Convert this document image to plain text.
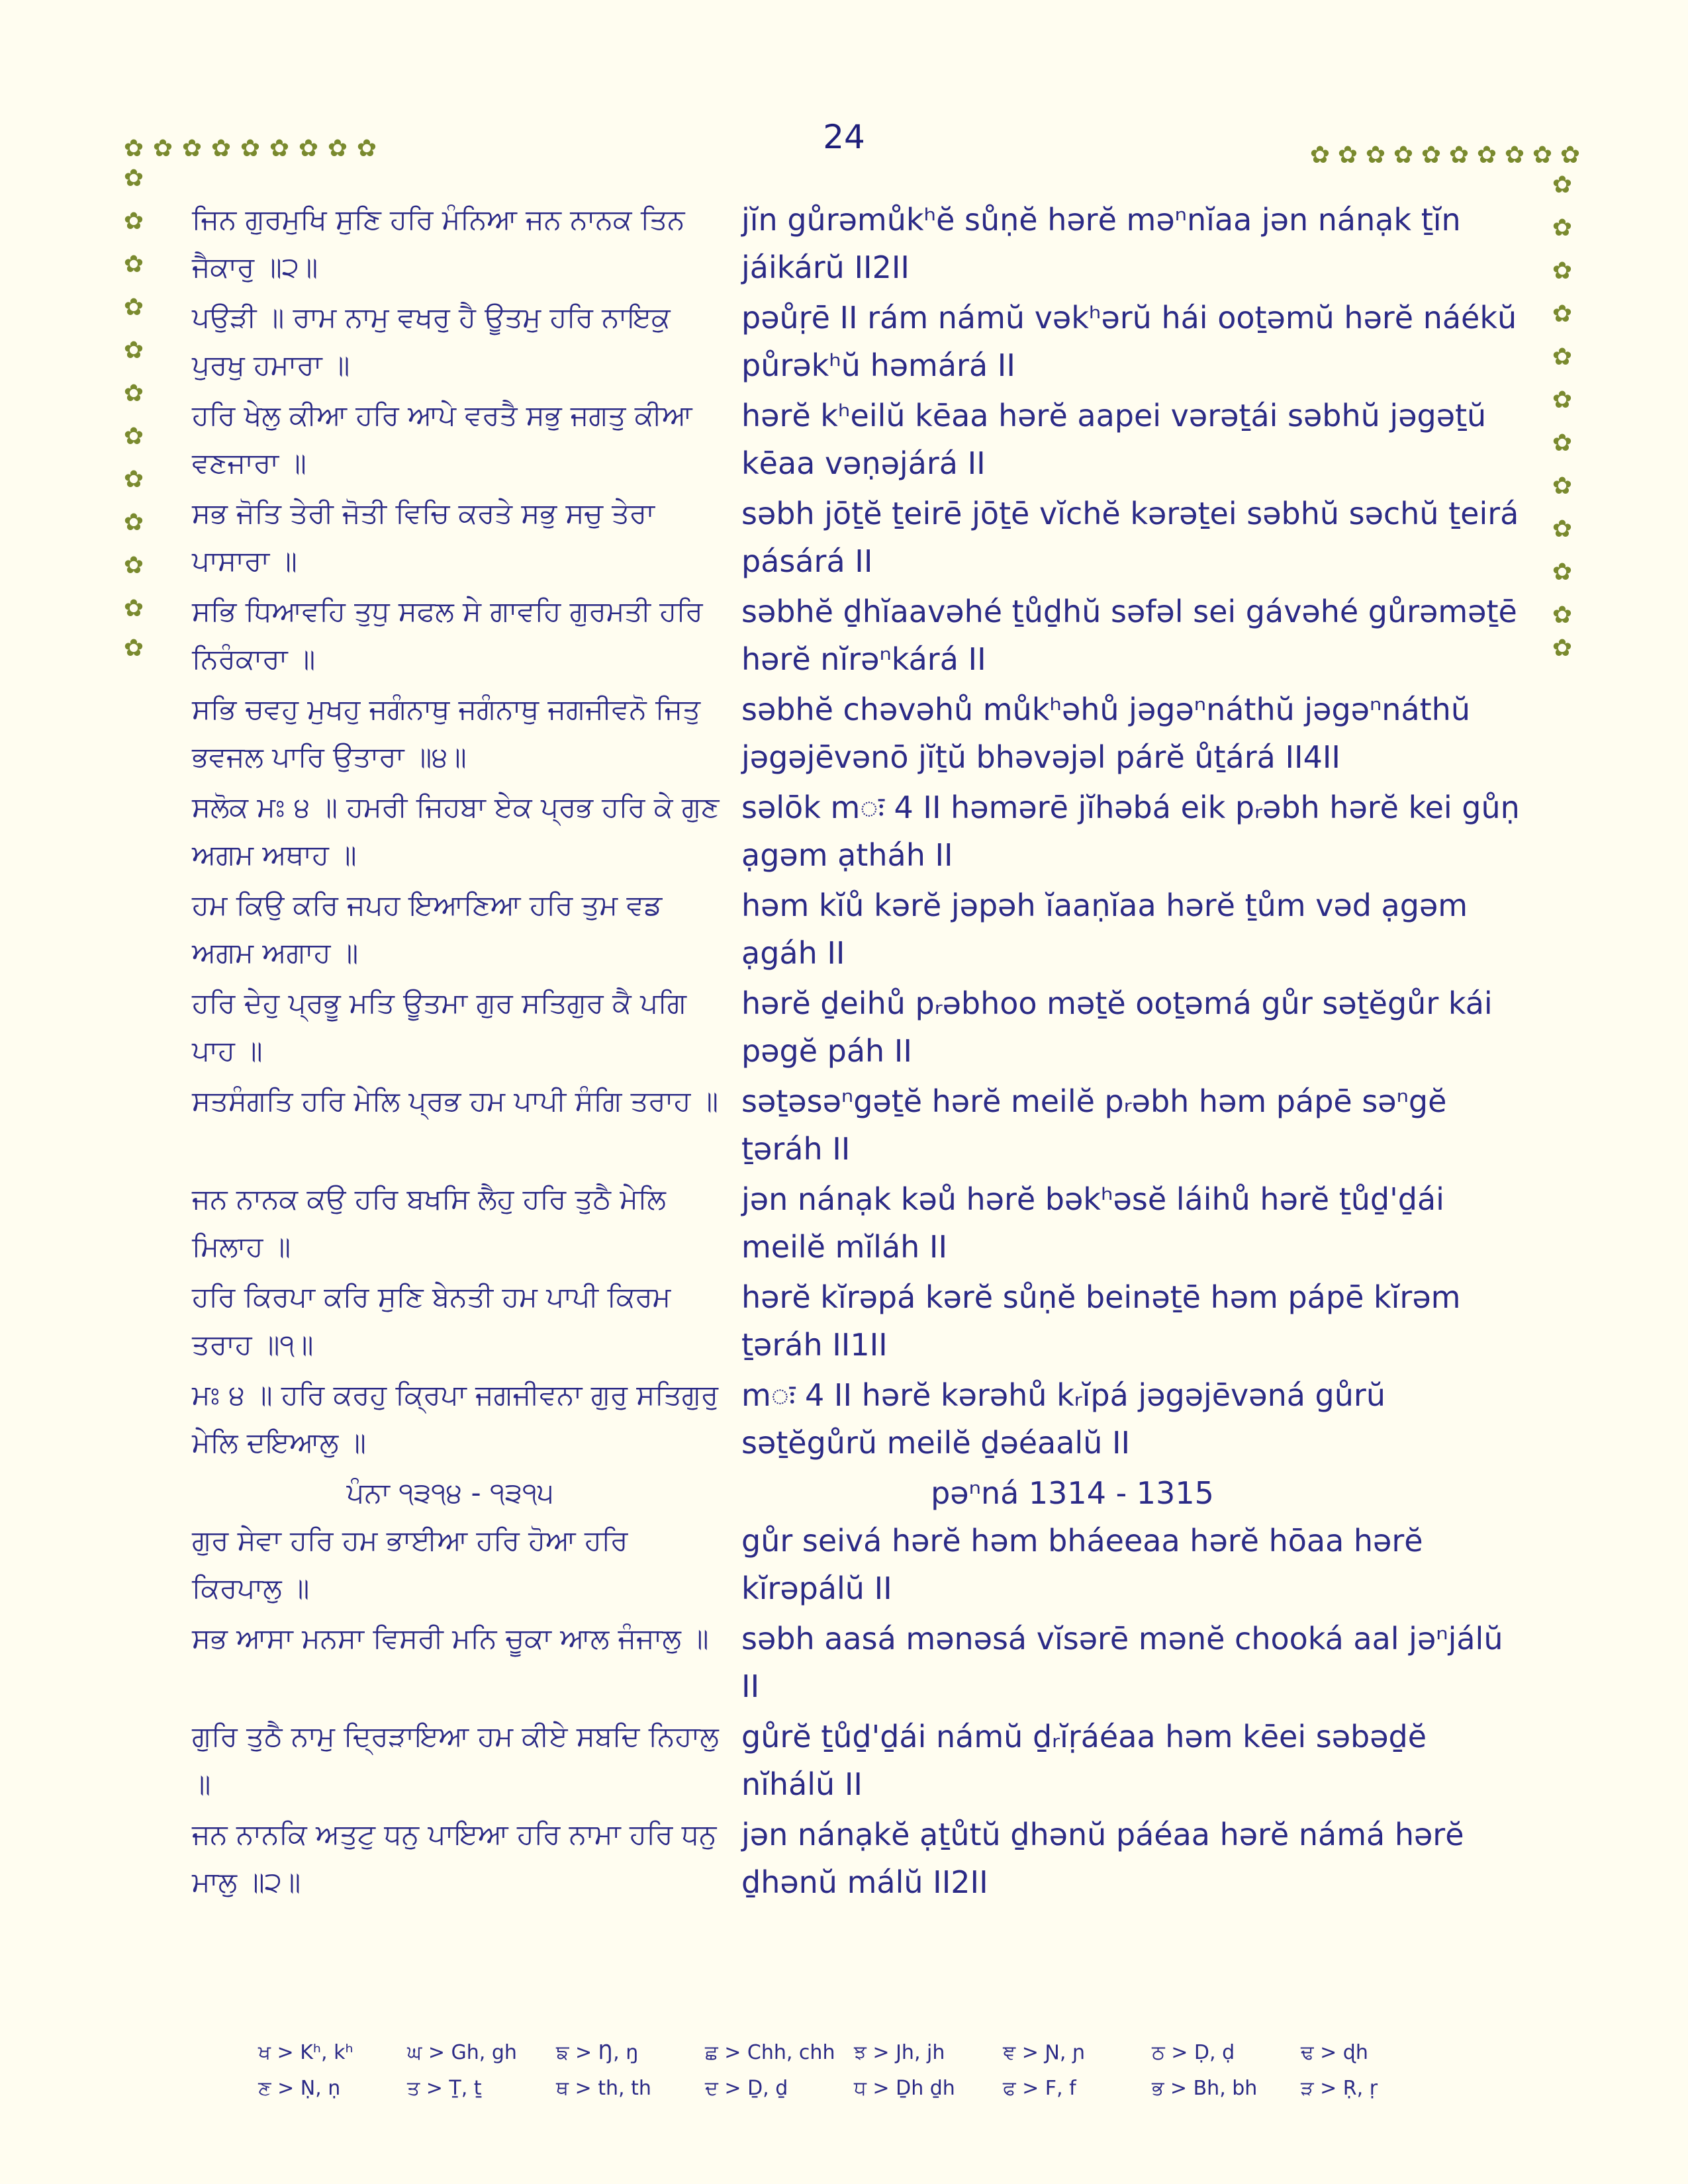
24
✿ ✿ ✿ ✿ ✿ ✿ ✿ ✿ ✿
✿
✿
✿
✿
✿
✿
✿
✿
✿
✿
✿
✿
✿ ✿ ✿ ✿ ✿ ✿ ✿ ✿ ✿ ✿
✿
✿
✿
✿
✿
✿
✿
✿
✿
✿
✿
✿
ਜਿਨ ਗੁਰਮੁਖਿ ਸੁਣਿ ਹਰਿ ਮੰਨਿਆ ਜਨ ਨਾਨਕ ਤਿਨ ਜੈਕਾਰੁ ॥੨॥
jĭn gůrəmůkʰĕ sůṇĕ hərĕ məⁿnĭaa jən nánạk ṯĭn jáikárŭ II2II
ਪਉੜੀ ॥ ਰਾਮ ਨਾਮੁ ਵਖਰੁ ਹੈ ਊਤਮੁ ਹਰਿ ਨਾਇਕੁ ਪੁਰਖੁ ਹਮਾਰਾ ॥
pəůṛē II rám námŭ vəkʰərŭ hái ooṯəmŭ hərĕ náékŭ půrəkʰŭ həmárá II
ਹਰਿ ਖੇਲੁ ਕੀਆ ਹਰਿ ਆਪੇ ਵਰਤੈ ਸਭੁ ਜਗਤੁ ਕੀਆ ਵਣਜਾਰਾ ॥
hərĕ kʰeilŭ kēaa hərĕ aapei vərəṯái səbhŭ jəgəṯŭ kēaa vəṇəjárá II
ਸਭ ਜੋਤਿ ਤੇਰੀ ਜੋਤੀ ਵਿਚਿ ਕਰਤੇ ਸਭੁ ਸਚੁ ਤੇਰਾ ਪਾਸਾਰਾ ॥
səbh jōṯĕ ṯeirē jōṯē vĭchĕ kərəṯei səbhŭ səchŭ ṯeirá pásárá II
ਸਭਿ ਧਿਆਵਹਿ ਤੁਧੁ ਸਫਲ ਸੇ ਗਾਵਹਿ ਗੁਰਮਤੀ ਹਰਿ ਨਿਰੰਕਾਰਾ ॥
səbhĕ ḏhĭaavəhé ṯůḏhŭ səfəl sei gávəhé gůrəməṯē hərĕ nĭrəⁿkárá II
ਸਭਿ ਚਵਹੁ ਮੁਖਹੁ ਜਗੰਨਾਥੁ ਜਗੰਨਾਥੁ ਜਗਜੀਵਨੋ ਜਿਤੁ ਭਵਜਲ ਪਾਰਿ ਉਤਾਰਾ ॥੪॥
səbhĕ chəvəhů můkʰəhů jəgəⁿnáthŭ jəgəⁿnáthŭ jəgəjēvənō jĭṯŭ bhəvəjəl párĕ ůṯárá II4II
ਸਲੋਕ ਮਃ ੪ ॥ ਹਮਰੀ ਜਿਹਬਾ ਏਕ ਪ੍ਰਭ ਹਰਿ ਕੇ ਗੁਣ ਅਗਮ ਅਥਾਹ ॥
səlōk mः 4 II həmərē jĭhəbá eik pᵣəbh hərĕ kei gůṇ ạgəm ạtháh II
ਹਮ ਕਿਉ ਕਰਿ ਜਪਹ ਇਆਣਿਆ ਹਰਿ ਤੁਮ ਵਡ ਅਗਮ ਅਗਾਹ ॥
həm kĭů kərĕ jəpəh ĭaaṇĭaa hərĕ ṯům vəd ạgəm ạgáh II
ਹਰਿ ਦੇਹੁ ਪ੍ਰਭੂ ਮਤਿ ਊਤਮਾ ਗੁਰ ਸਤਿਗੁਰ ਕੈ ਪਗਿ ਪਾਹ ॥
hərĕ ḏeihů pᵣəbhoo məṯĕ ooṯəmá gůr səṯĕgůr kái pəgĕ páh II
ਸਤਸੰਗਤਿ ਹਰਿ ਮੇਲਿ ਪ੍ਰਭ ਹਮ ਪਾਪੀ ਸੰਗਿ ਤਰਾਹ ॥ səṯəsəⁿgəṯĕ hərĕ meilĕ pᵣəbh həm pápē səⁿgĕ ṯəráh II
ਜਨ ਨਾਨਕ ਕਉ ਹਰਿ ਬਖਸਿ ਲੈਹੁ ਹਰਿ ਤੁਠੈ ਮੇਲਿ ਮਿਲਾਹ ॥
jən nánạk kəů hərĕ bəkʰəsĕ láihů hərĕ ṯůḏ'ḏái meilĕ mĭláh II
ਹਰਿ ਕਿਰਪਾ ਕਰਿ ਸੁਣਿ ਬੇਨਤੀ ਹਮ ਪਾਪੀ ਕਿਰਮ ਤਰਾਹ ॥੧॥
hərĕ kĭrəpá kərĕ sůṇĕ beinəṯē həm pápē kĭrəm ṯəráh II1II
ਮਃ ੪ ॥ ਹਰਿ ਕਰਹੁ ਕ੍ਰਿਪਾ ਜਗਜੀਵਨਾ ਗੁਰੁ ਸਤਿਗੁਰੁ ਮੇਲਿ ਦਇਆਲੁ ॥
mः 4 II hərĕ kərəhů kᵣĭpá jəgəjēvəná gůrŭ səṯĕgůrŭ meilĕ ḏəéaalŭ II
ਪੰਨਾ ੧੩੧੪ - ੧੩੧੫	pəⁿná 1314 - 1315
ਗੁਰ ਸੇਵਾ ਹਰਿ ਹਮ ਭਾਈਆ ਹਰਿ ਹੋਆ ਹਰਿ ਕਿਰਪਾਲੁ ॥
gůr seivá hərĕ həm bháeeaa hərĕ hōaa hərĕ kĭrəpálŭ II
ਸਭ ਆਸਾ ਮਨਸਾ ਵਿਸਰੀ ਮਨਿ ਚੂਕਾ ਆਲ ਜੰਜਾਲੁ ॥	səbh aasá mənəsá vĭsərē mənĕ chooká aal jəⁿjálŭ II
ਗੁਰਿ ਤੁਠੈ ਨਾਮੁ ਦ੍ਰਿੜਾਇਆ ਹਮ ਕੀਏ ਸਬਦਿ ਨਿਹਾਲੁ ॥
gůrĕ ṯůḏ'ḏái námŭ ḏᵣĭṛáéaa həm kēei səbəḏĕ nĭhálŭ II
ਜਨ ਨਾਨਕਿ ਅਤੁਟੁ ਧਨੁ ਪਾਇਆ ਹਰਿ ਨਾਮਾ ਹਰਿ ਧਨੁ ਮਾਲੁ ॥੨॥
jən nánạkĕ ạṯůtŭ ḏhənŭ páéaa hərĕ námá hərĕ ḏhənŭ málŭ II2II
ਖ > Kʰ, kʰ	ਘ > Gh, gh	ਙ > Ŋ, ŋ	ਛ > Chh, chh ਝ > Jh, jh	ਞ > Ɲ, ɲ	ਠ > Ḍ, ḍ	ਢ > ɖh
ਣ > Ṇ, ṇ	ਤ > Ṯ, ṯ	ਥ > th, th	ਦ > Ḏ, ḏ	ਧ > Ḏh ḏh	ਫ > F, f	ਭ > Bh, bh	ੜ > Ṛ, ṛ
